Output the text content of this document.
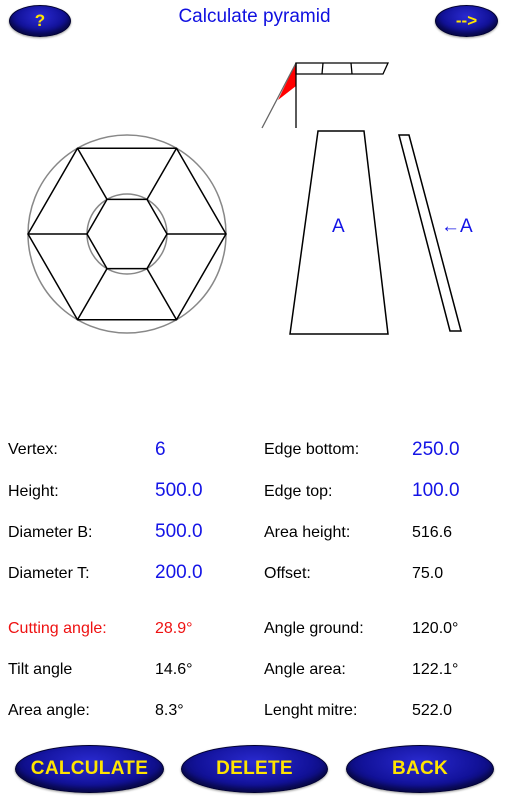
?	Calculate pyramid	-->
A	←A
Vertex:	6
Height:	500.0
Diameter B:	500.0
Diameter T:	200.0
Cutting angle:	28.9°
Tilt angle	14.6°
Area angle:	8.3°
Edge bottom:	250.0
Edge top:	100.0
Area height:	516.6
Offset:	75.0
Angle ground:	120.0°
Angle area:	122.1°
Lenght mitre:	522.0
CALCULATE	DELETE	BACK
